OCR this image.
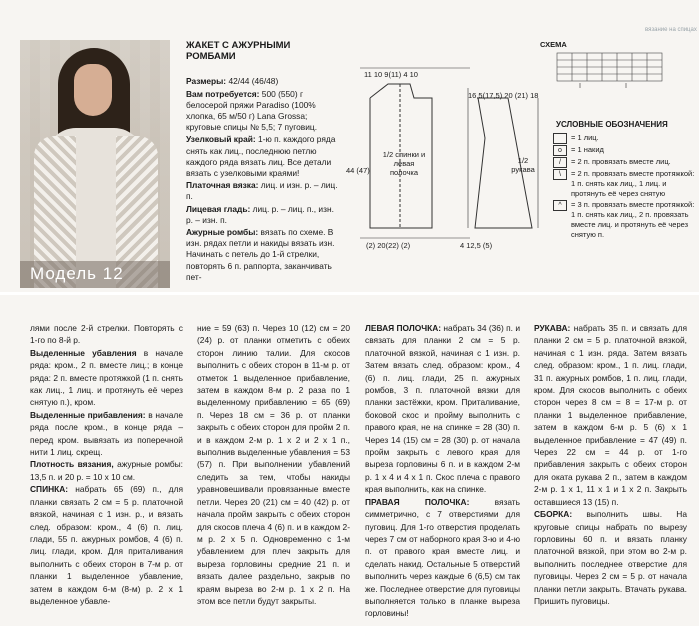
Модель 12
ЖАКЕТ С АЖУРНЫМИ РОМБАМИ

Размеры: 42/44 (46/48)

Вам потребуется: 500 (550) г белосерой пряжи Paradiso (100% хлопка, 65 м/50 г) Lana Grossa; круговые спицы № 5,5; 7 пуговиц.

Узелковый край: 1-ю п. каждого ряда снять как лиц., последнюю петлю каждого ряда вязать лиц. Все детали вязать с узелковыми краями!

Платочная вязка: лиц. и изн. р. – лиц. п.

Лицевая гладь: лиц. р. – лиц. п., изн. р. – изн. п.

Ажурные ромбы: вязать по схеме. В изн. рядах петли и накиды вязать изн. Начинать с петель до 1-й стрелки, повторять 6 п. раппорта, заканчивать пет-

11 10 9(11) 4 10
1/2 спинки и левая полочка
1/2 рукава
44 (47)
(2) 20(22) (2)
16,5(17,5) 20 (21) 18
4 12,5 (5)
вязание на спицах
СХЕМА
УСЛОВНЫЕ ОБОЗНАЧЕНИЯ
= 1 лиц.
o	= 1 накид
/	= 2 п. провязать вместе лиц.
\	= 2 п. провязать вместе протяжкой: 1 п. снять как лиц., 1 лиц. и протянуть её через снятую
^	= 3 п. провязать вместе протяжкой: 1 п. снять как лиц., 2 п. провязать вместе лиц. и протянуть её через снятую п.

лями после 2-й стрелки. Повторять с 1-го по 8-й р.

Выделенные убавления в начале ряда: кром., 2 п. вместе лиц.; в конце ряда: 2 п. вместе протяжкой (1 п. снять как лиц., 1 лиц. и протянуть её через снятую п.), кром.

Выделенные прибавления: в начале ряда после кром., в конце ряда – перед кром. вывязать из поперечной нити 1 лиц. скрещ.

Плотность вязания, ажурные ромбы: 13,5 п. и 20 р. = 10 х 10 см.

СПИНКА: набрать 65 (69) п., для планки связать 2 см = 5 р. платочной вязкой, начиная с 1 изн. р., и вязать след. образом: кром., 4 (6) п. лиц. глади, 55 п. ажурных ромбов, 4 (6) п. лиц. глади, кром. Для приталивания выполнить с обеих сторон в 7-м р. от планки 1 выделенное убавление, затем в каждом 6-м (8-м) р. 2 х 1 выделенное убавле-

ние = 59 (63) п. Через 10 (12) см = 20 (24) р. от планки отметить с обеих сторон линию талии. Для скосов выполнить с обеих сторон в 11-м р. от отметок 1 выделенное прибавление, затем в каждом 8-м р. 2 раза по 1 выделенному прибавлению = 65 (69) п. Через 18 см = 36 р. от планки закрыть с обеих сторон для пройм 2 п. и в каждом 2-м р. 1 х 2 и 2 х 1 п., выполнив выделенные убавления = 53 (57) п. При выполнении убавлений следить за тем, чтобы накиды уравновешивали провязанные вместе петли. Через 20 (21) см = 40 (42) р. от начала пройм закрыть с обеих сторон для скосов плеча 4 (6) п. и в каждом 2-м р. 2 х 5 п. Одновременно с 1-м убавлением для плеч закрыть для выреза горловины средние 21 п. и вязать далее раздельно, закрыв по краям выреза во 2-м р. 1 х 2 п. На этом все петли будут закрыты.

ЛЕВАЯ ПОЛОЧКА: набрать 34 (36) п. и связать для планки 2 см = 5 р. платочной вязкой, начиная с 1 изн. р. Затем вязать след. образом: кром., 4 (6) п. лиц. глади, 25 п. ажурных ромбов, 3 п. платочной вязки для планки застёжки, кром. Приталивание, боковой скос и пройму выполнить с правого края, не на спинке = 28 (30) п. Через 14 (15) см = 28 (30) р. от начала пройм закрыть с левого края для выреза горловины 6 п. и в каждом 2-м р. 1 х 4 и 4 х 1 п. Скос плеча с правого края выполнить, как на спинке.

ПРАВАЯ ПОЛОЧКА:	вязать симметрично, с 7 отверстиями для пуговиц. Для 1-го отверстия проделать через 7 см от наборного края 3-ю и 4-ю п. от правого края вместе лиц. и сделать накид. Остальные 5 отверстий выполнить через каждые 6 (6,5) см так же. Последнее отверстие для пуговицы выполняется только в планке выреза горловины!

РУКАВА: набрать 35 п. и связать для планки 2 см = 5 р. платочной вязкой, начиная с 1 изн. ряда. Затем вязать след. образом: кром., 1 п. лиц. глади, 31 п. ажурных ромбов, 1 п. лиц. глади, кром. Для скосов выполнить с обеих сторон через 8 см = 8 = 17-м р. от планки 1 выделенное прибавление, затем в каждом 6-м р. 5 (6) х 1 выделенное прибавление = 47 (49) п. Через 22 см = 44 р. от 1-го прибавления закрыть с обеих сторон для оката рукава 2 п., затем в каждом 2-м р. 1 х 1, 11 х 1 и 1 х 2 п. Закрыть оставшиеся 13 (15) п.

СБОРКА: выполнить швы. На круговые спицы набрать по вырезу горловины 60 п. и вязать планку платочной вязкой, при этом во 2-м р. выполнить последнее отверстие для пуговицы. Через 2 см = 5 р. от начала планки петли закрыть. Втачать рукава. Пришить пуговицы.
